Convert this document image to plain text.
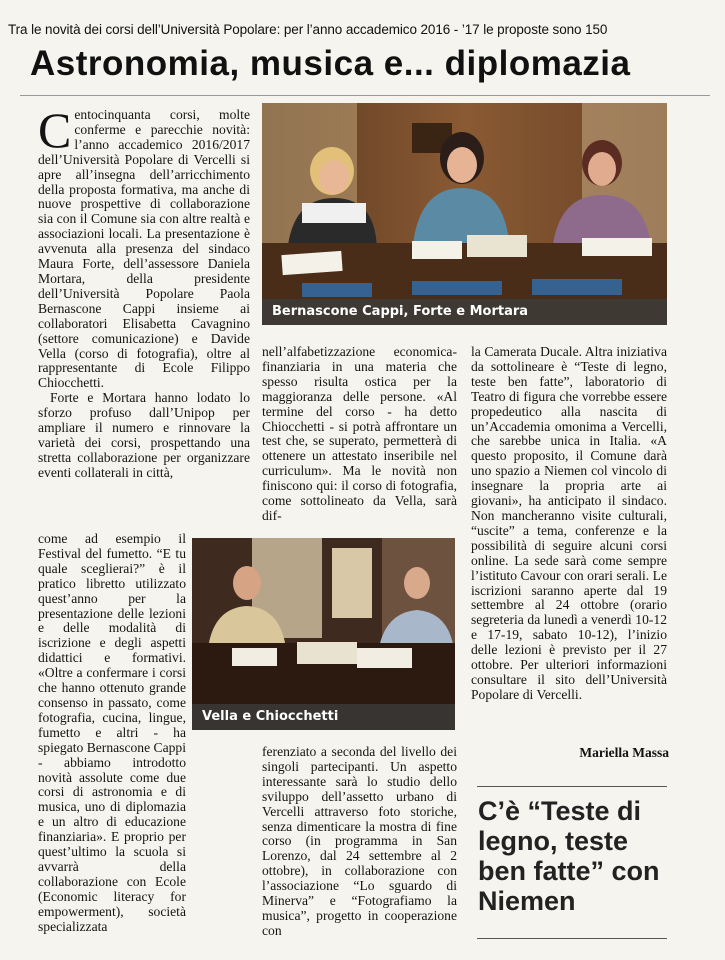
Tra le novità dei corsi dell’Università Popolare: per l’anno accademico 2016 - ’17 le proposte sono 150
Astronomia, musica e... diplomazia
Bernascone Cappi, Forte e Mortara
Vella e Chiocchetti

Centocinquanta corsi, molte conferme e parecchie novità: l’anno accademico 2016/2017 dell’Università Popolare di Vercelli si apre all’insegna dell’arricchimento della proposta formativa, ma anche di nuove prospettive di collaborazione sia con il Comune sia con altre realtà e associazioni locali. La presentazione è avvenuta alla presenza del sindaco Maura Forte, dell’assessore Daniela Mortara, della presidente dell’Università Popolare Paola Bernascone Cappi insieme ai collaboratori Elisabetta Cavagnino (settore comunicazione) e Davide Vella (corso di fotografia), oltre al rappresentante di Ecole Filippo Chiocchetti.

Forte e Mortara hanno lodato lo sforzo profuso dall’Unipop per ampliare il numero e rinnovare la varietà dei corsi, prospettando una stretta collaborazione per organizzare eventi collaterali in città,

come ad esempio il Festival del fumetto. “E tu quale sceglierai?” è il pratico libretto utilizzato quest’anno per la presentazione delle lezioni e delle modalità di iscrizione e degli aspetti didattici e formativi. «Oltre a confermare i corsi che hanno ottenuto grande consenso in passato, come fotografia, cucina, lingue, fumetto e altri - ha spiegato Bernascone Cappi - abbiamo introdotto novità assolute come due corsi di astronomia e di musica, uno di diplomazia e un altro di educazione finanziaria». E proprio per quest’ultimo la scuola si avvarrà della collaborazione con Ecole (Economic literacy for empowerment), società specializzata

nell’alfabetizzazione economica-finanziaria in una materia che spesso risulta ostica per la maggioranza delle persone. «Al termine del corso - ha detto Chiocchetti - si potrà affrontare un test che, se superato, permetterà di ottenere un attestato inseribile nel curriculum». Ma le novità non finiscono qui: il corso di fotografia, come sottolineato da Vella, sarà dif-

ferenziato a seconda del livello dei singoli partecipanti. Un aspetto interessante sarà lo studio dello sviluppo dell’assetto urbano di Vercelli attraverso foto storiche, senza dimenticare la mostra di fine corso (in programma in San Lorenzo, dal 24 settembre al 2 ottobre), in collaborazione con l’associazione “Lo sguardo di Minerva” e “Fotografiamo la musica”, progetto in cooperazione con

la Camerata Ducale. Altra iniziativa da sottolineare è “Teste di legno, teste ben fatte”, laboratorio di Teatro di figura che vorrebbe essere propedeutico alla nascita di un’Accademia omonima a Vercelli, che sarebbe unica in Italia. «A questo proposito, il Comune darà uno spazio a Niemen col vincolo di insegnare la propria arte ai giovani», ha anticipato il sindaco. Non mancheranno visite culturali, “uscite” a tema, conferenze e la possibilità di seguire alcuni corsi online. La sede sarà come sempre l’istituto Cavour con orari serali. Le iscrizioni saranno aperte dal 19 settembre al 24 ottobre (orario segreteria da lunedì a venerdì 10-12 e 17-19, sabato 10-12), l’inizio delle lezioni è previsto per il 27 ottobre. Per ulteriori informazioni consultare il sito dell’Università Popolare di Vercelli.

Mariella Massa
C’è “Teste di legno, teste ben fatte” con Niemen
